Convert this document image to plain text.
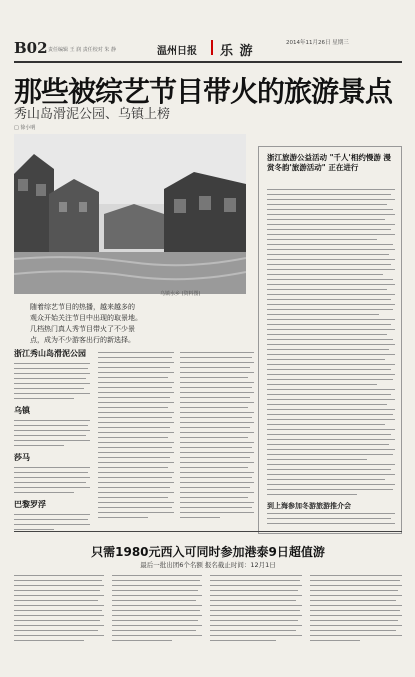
B02 责任编辑 王 润 责任校对 朱 静	温州日报 乐 游
2014年11月26日 星期三
那些被综艺节目带火的旅游景点
秀山岛滑泥公园、乌镇上榜
□ 徐小明
乌镇水乡 (资料图)
随着综艺节目的热播，越来越多的
观众开始关注节目中出现的取景地。
几档热门真人秀节目带火了不少景
点，成为不少游客出行的新选择。
浙江旅游公益活动 "千人'相约慢游 漫赏冬韵'旅游活动" 正在进行
到上海参加冬游旅游推介会
浙江秀山岛滑泥公园
乌镇
莎马
巴黎罗浮
只需1980元西入可同时参加港泰9日超值游
最后一批出团6个名额 报名截止时间：12月1日
